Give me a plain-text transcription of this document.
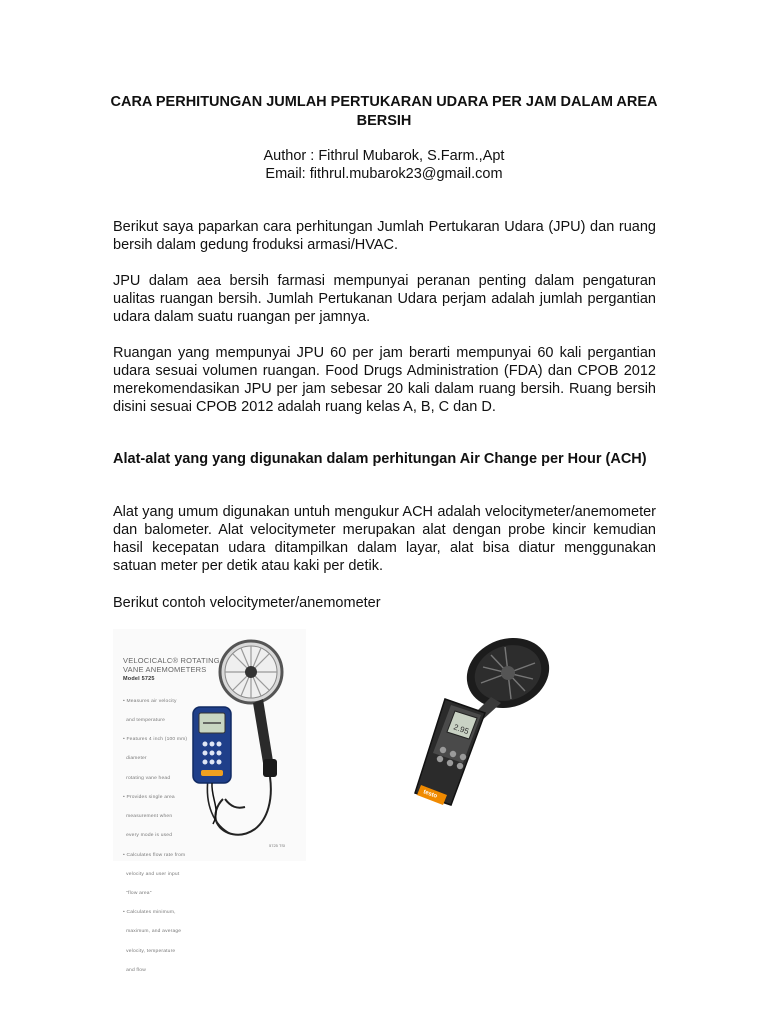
CARA PERHITUNGAN JUMLAH PERTUKARAN UDARA PER JAM DALAM AREA BERSIH
Author : Fithrul Mubarok, S.Farm.,Apt
Email: fithrul.mubarok23@gmail.com
Berikut saya paparkan cara perhitungan Jumlah Pertukaran Udara (JPU) dan ruang bersih dalam gedung froduksi armasi/HVAC.
JPU dalam aea bersih farmasi mempunyai peranan penting dalam pengaturan ualitas ruangan bersih. Jumlah Pertukanan Udara perjam adalah jumlah pergantian udara dalam suatu ruangan per jamnya.
Ruangan yang mempunyai JPU 60 per jam berarti mempunyai 60 kali pergantian udara sesuai volumen ruangan. Food Drugs Administration (FDA) dan CPOB 2012 merekomendasikan JPU per jam sebesar 20 kali dalam ruang bersih. Ruang bersih disini sesuai CPOB 2012 adalah ruang kelas A, B, C dan D.
Alat-alat yang yang digunakan dalam perhitungan Air Change per Hour (ACH)
Alat yang umum digunakan untuh mengukur ACH adalah velocitymeter/anemometer dan balometer. Alat velocitymeter merupakan alat dengan probe kincir kemudian hasil kecepatan udara ditampilkan dalam layar, alat bisa diatur menggunakan satuan meter per detik atau kaki per detik.
Berikut contoh velocitymeter/anemometer
5725 TSI
VELOCICALC® ROTATING
VANE ANEMOMETERS
Model 5725

• Measures air velocity

and temperature

• Features 4 inch (100 mm)

diameter

rotating vane head

• Provides single area

measurement when

every mode is used

• Calculates flow rate from

velocity and user input

"flow area"

• Calculates minimum,

maximum, and average

velocity, temperature

and flow

2.95
testo
